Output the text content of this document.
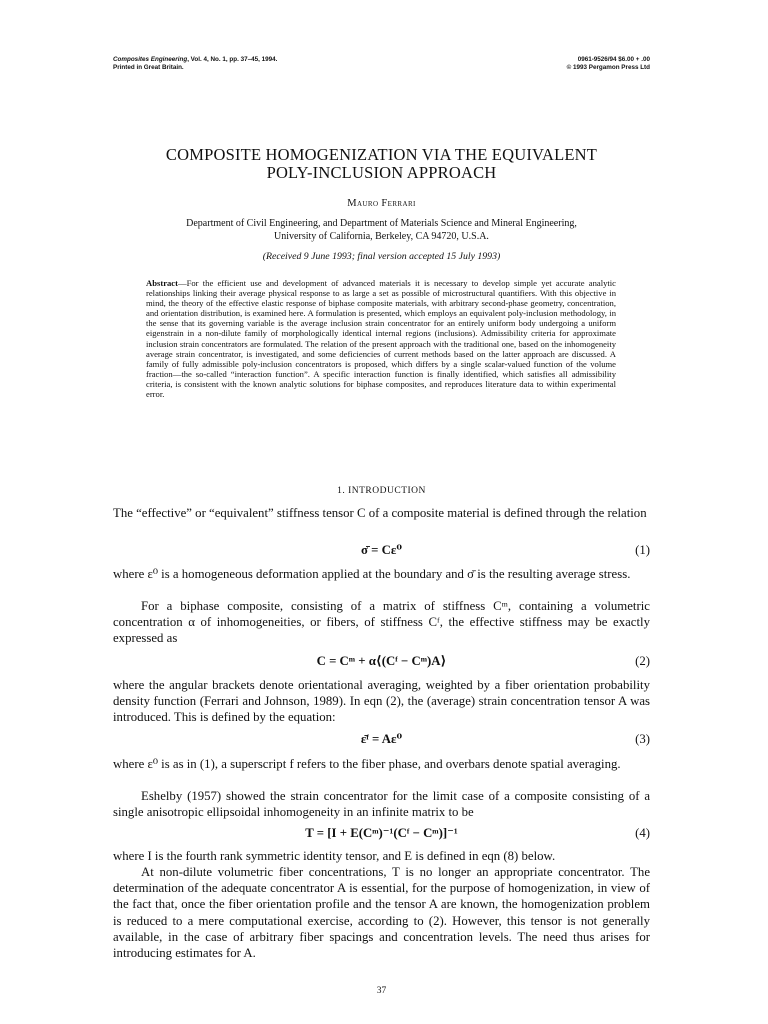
Composites Engineering, Vol. 4, No. 1, pp. 37–45, 1994.
Printed in Great Britain.
0961-9526/94 $6.00 + .00
© 1993 Pergamon Press Ltd
COMPOSITE HOMOGENIZATION VIA THE EQUIVALENT
POLY-INCLUSION APPROACH
Mauro Ferrari
Department of Civil Engineering, and Department of Materials Science and Mineral Engineering,
University of California, Berkeley, CA 94720, U.S.A.
(Received 9 June 1993; final version accepted 15 July 1993)
Abstract—For the efficient use and development of advanced materials it is necessary to develop simple yet accurate analytic relationships linking their average physical response to as large a set as possible of microstructural quantifiers. With this objective in mind, the theory of the effective elastic response of biphase composite materials, with arbitrary second-phase geometry, concentration, and orientation distribution, is examined here. A formulation is presented, which employs an equivalent poly-inclusion methodology, in the sense that its governing variable is the average inclusion strain concentrator for an entirely uniform body undergoing a uniform eigenstrain in a non-dilute family of morphologically identical internal regions (inclusions). Admissibility criteria for approximate inclusion strain concentrators are formulated. The relation of the present approach with the traditional one, based on the inhomogeneity average strain concentrator, is investigated, and some deficiencies of current methods based on the latter approach are discussed. A family of fully admissible poly-inclusion concentrators is proposed, which differs by a single scalar-valued function of the volume fraction—the so-called “interaction function”. A specific interaction function is finally identified, which satisfies all admissibility criteria, is consistent with the known analytic solutions for biphase composites, and reproduces literature data to within experimental error.
1. INTRODUCTION
The “effective” or “equivalent” stiffness tensor C of a composite material is defined through the relation
σ̄ = Cε⁰	(1)
where ε⁰ is a homogeneous deformation applied at the boundary and σ̄ is the resulting average stress.
For a biphase composite, consisting of a matrix of stiffness Cᵐ, containing a volumetric concentration α of inhomogeneities, or fibers, of stiffness Cᶠ, the effective stiffness may be exactly expressed as
C = Cᵐ + α⟨(Cᶠ − Cᵐ)A⟩	(2)
where the angular brackets denote orientational averaging, weighted by a fiber orientation probability density function (Ferrari and Johnson, 1989). In eqn (2), the (average) strain concentration tensor A was introduced. This is defined by the equation:
ε̄ᶠ = Aε⁰	(3)
where ε⁰ is as in (1), a superscript f refers to the fiber phase, and overbars denote spatial averaging.
Eshelby (1957) showed the strain concentrator for the limit case of a composite consisting of a single anisotropic ellipsoidal inhomogeneity in an infinite matrix to be
T = [I + E(Cᵐ)⁻¹(Cᶠ − Cᵐ)]⁻¹	(4)
where I is the fourth rank symmetric identity tensor, and E is defined in eqn (8) below.
At non-dilute volumetric fiber concentrations, T is no longer an appropriate concentrator. The determination of the adequate concentrator A is essential, for the purpose of homogenization, in view of the fact that, once the fiber orientation profile and the tensor A are known, the homogenization problem is reduced to a mere computational exercise, according to (2). However, this tensor is not generally available, in the case of arbitrary fiber spacings and concentration levels. The need thus arises for introducing estimates for A.
37
